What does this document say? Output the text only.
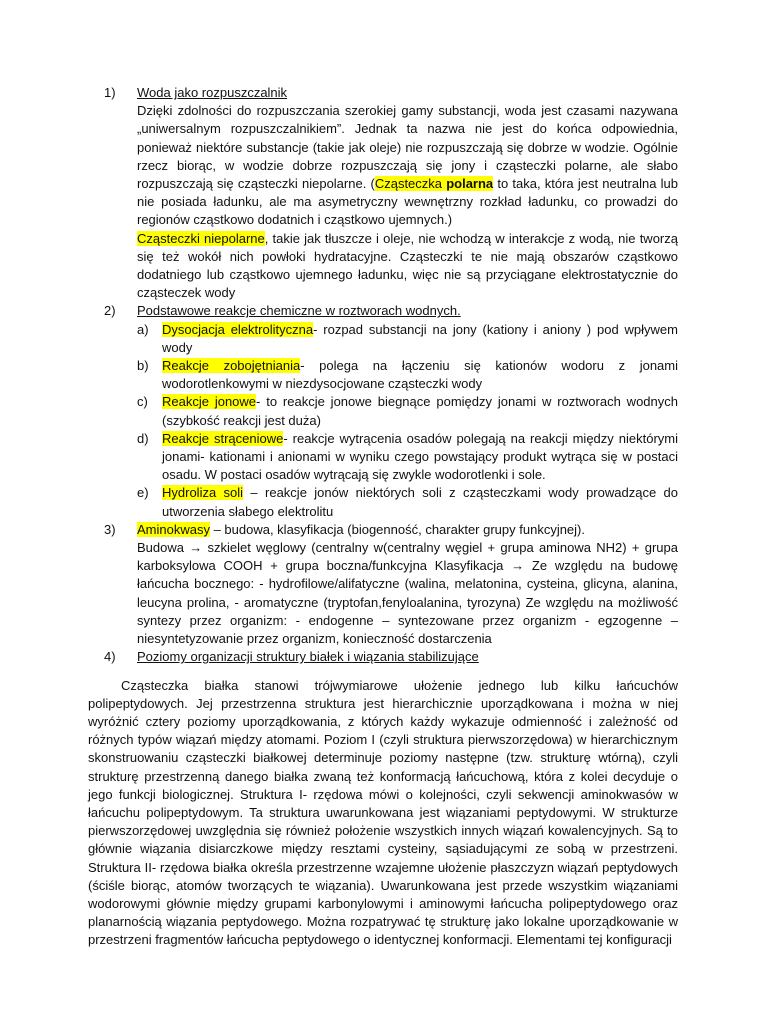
1)	Woda jako rozpuszczalnik
Dzięki zdolności do rozpuszczania szerokiej gamy substancji, woda jest czasami nazywana „uniwersalnym rozpuszczalnikiem”. Jednak ta nazwa nie jest do końca odpowiednia, ponieważ niektóre substancje (takie jak oleje) nie rozpuszczają się dobrze w wodzie. Ogólnie rzecz biorąc, w wodzie dobrze rozpuszczają się jony i cząsteczki polarne, ale słabo rozpuszczają się cząsteczki niepolarne. (Cząsteczka polarna to taka, która jest neutralna lub nie posiada ładunku, ale ma asymetryczny wewnętrzny rozkład ładunku, co prowadzi do regionów cząstkowo dodatnich i cząstkowo ujemnych.)
Cząsteczki niepolarne, takie jak tłuszcze i oleje, nie wchodzą w interakcje z wodą, nie tworzą się też wokół nich powłoki hydratacyjne. Cząsteczki te nie mają obszarów cząstkowo dodatniego lub cząstkowo ujemnego ładunku, więc nie są przyciągane elektrostatycznie do cząsteczek wody
2)	Podstawowe reakcje chemiczne w roztworach wodnych.
a)	Dysocjacja elektrolityczna- rozpad substancji na jony (kationy i aniony ) pod wpływem wody
b)	Reakcje zobojętniania- polega na łączeniu się kationów wodoru z jonami wodorotlenkowymi w niezdysocjowane cząsteczki wody
c)	Reakcje jonowe- to reakcje jonowe biegnące pomiędzy jonami w roztworach wodnych (szybkość reakcji jest duża)
d)	Reakcje strąceniowe- reakcje wytrącenia osadów polegają na reakcji między niektórymi jonami- kationami i anionami w wyniku czego powstający produkt wytrąca się w postaci osadu. W postaci osadów wytrącają się zwykle wodorotlenki i sole.
e)	Hydroliza soli – reakcje jonów niektórych soli z cząsteczkami wody prowadzące do utworzenia słabego elektrolitu
3)	Aminokwasy – budowa, klasyfikacja (biogenność, charakter grupy funkcyjnej).
Budowa → szkielet węglowy (centralny w(centralny węgiel + grupa aminowa NH2) + grupa karboksylowa COOH + grupa boczna/funkcyjna Klasyfikacja → Ze względu na budowę łańcucha bocznego: - hydrofilowe/alifatyczne (walina, melatonina, cysteina, glicyna, alanina, leucyna prolina, - aromatyczne (tryptofan,fenyloalanina, tyrozyna) Ze względu na możliwość syntezy przez organizm: - endogenne – syntezowane przez organizm - egzogenne – niesyntetyzowanie przez organizm, konieczność dostarczenia
4)	Poziomy organizacji struktury białek i wiązania stabilizujące
Cząsteczka białka stanowi trójwymiarowe ułożenie jednego lub kilku łańcuchów polipeptydowych. Jej przestrzenna struktura jest hierarchicznie uporządkowana i można w niej wyróżnić cztery poziomy uporządkowania, z których każdy wykazuje odmienność i zależność od różnych typów wiązań między atomami. Poziom I (czyli struktura pierwszorzędowa) w hierarchicznym skonstruowaniu cząsteczki białkowej determinuje poziomy następne (tzw. strukturę wtórną), czyli strukturę przestrzenną danego białka zwaną też konformacją łańcuchową, która z kolei decyduje o jego funkcji biologicznej. Struktura I- rzędowa mówi o kolejności, czyli sekwencji aminokwasów w łańcuchu polipeptydowym. Ta struktura uwarunkowana jest wiązaniami peptydowymi. W strukturze pierwszorzędowej uwzględnia się również położenie wszystkich innych wiązań kowalencyjnych. Są to głównie wiązania disiarczkowe między resztami cysteiny, sąsiadującymi ze sobą w przestrzeni. Struktura II- rzędowa białka określa przestrzenne wzajemne ułożenie płaszczyzn wiązań peptydowych (ściśle biorąc, atomów tworzących te wiązania). Uwarunkowana jest przede wszystkim wiązaniami wodorowymi głównie między grupami karbonylowymi i aminowymi łańcucha polipeptydowego oraz planarnością wiązania peptydowego. Można rozpatrywać tę strukturę jako lokalne uporządkowanie w przestrzeni fragmentów łańcucha peptydowego o identycznej konformacji. Elementami tej konfiguracji
